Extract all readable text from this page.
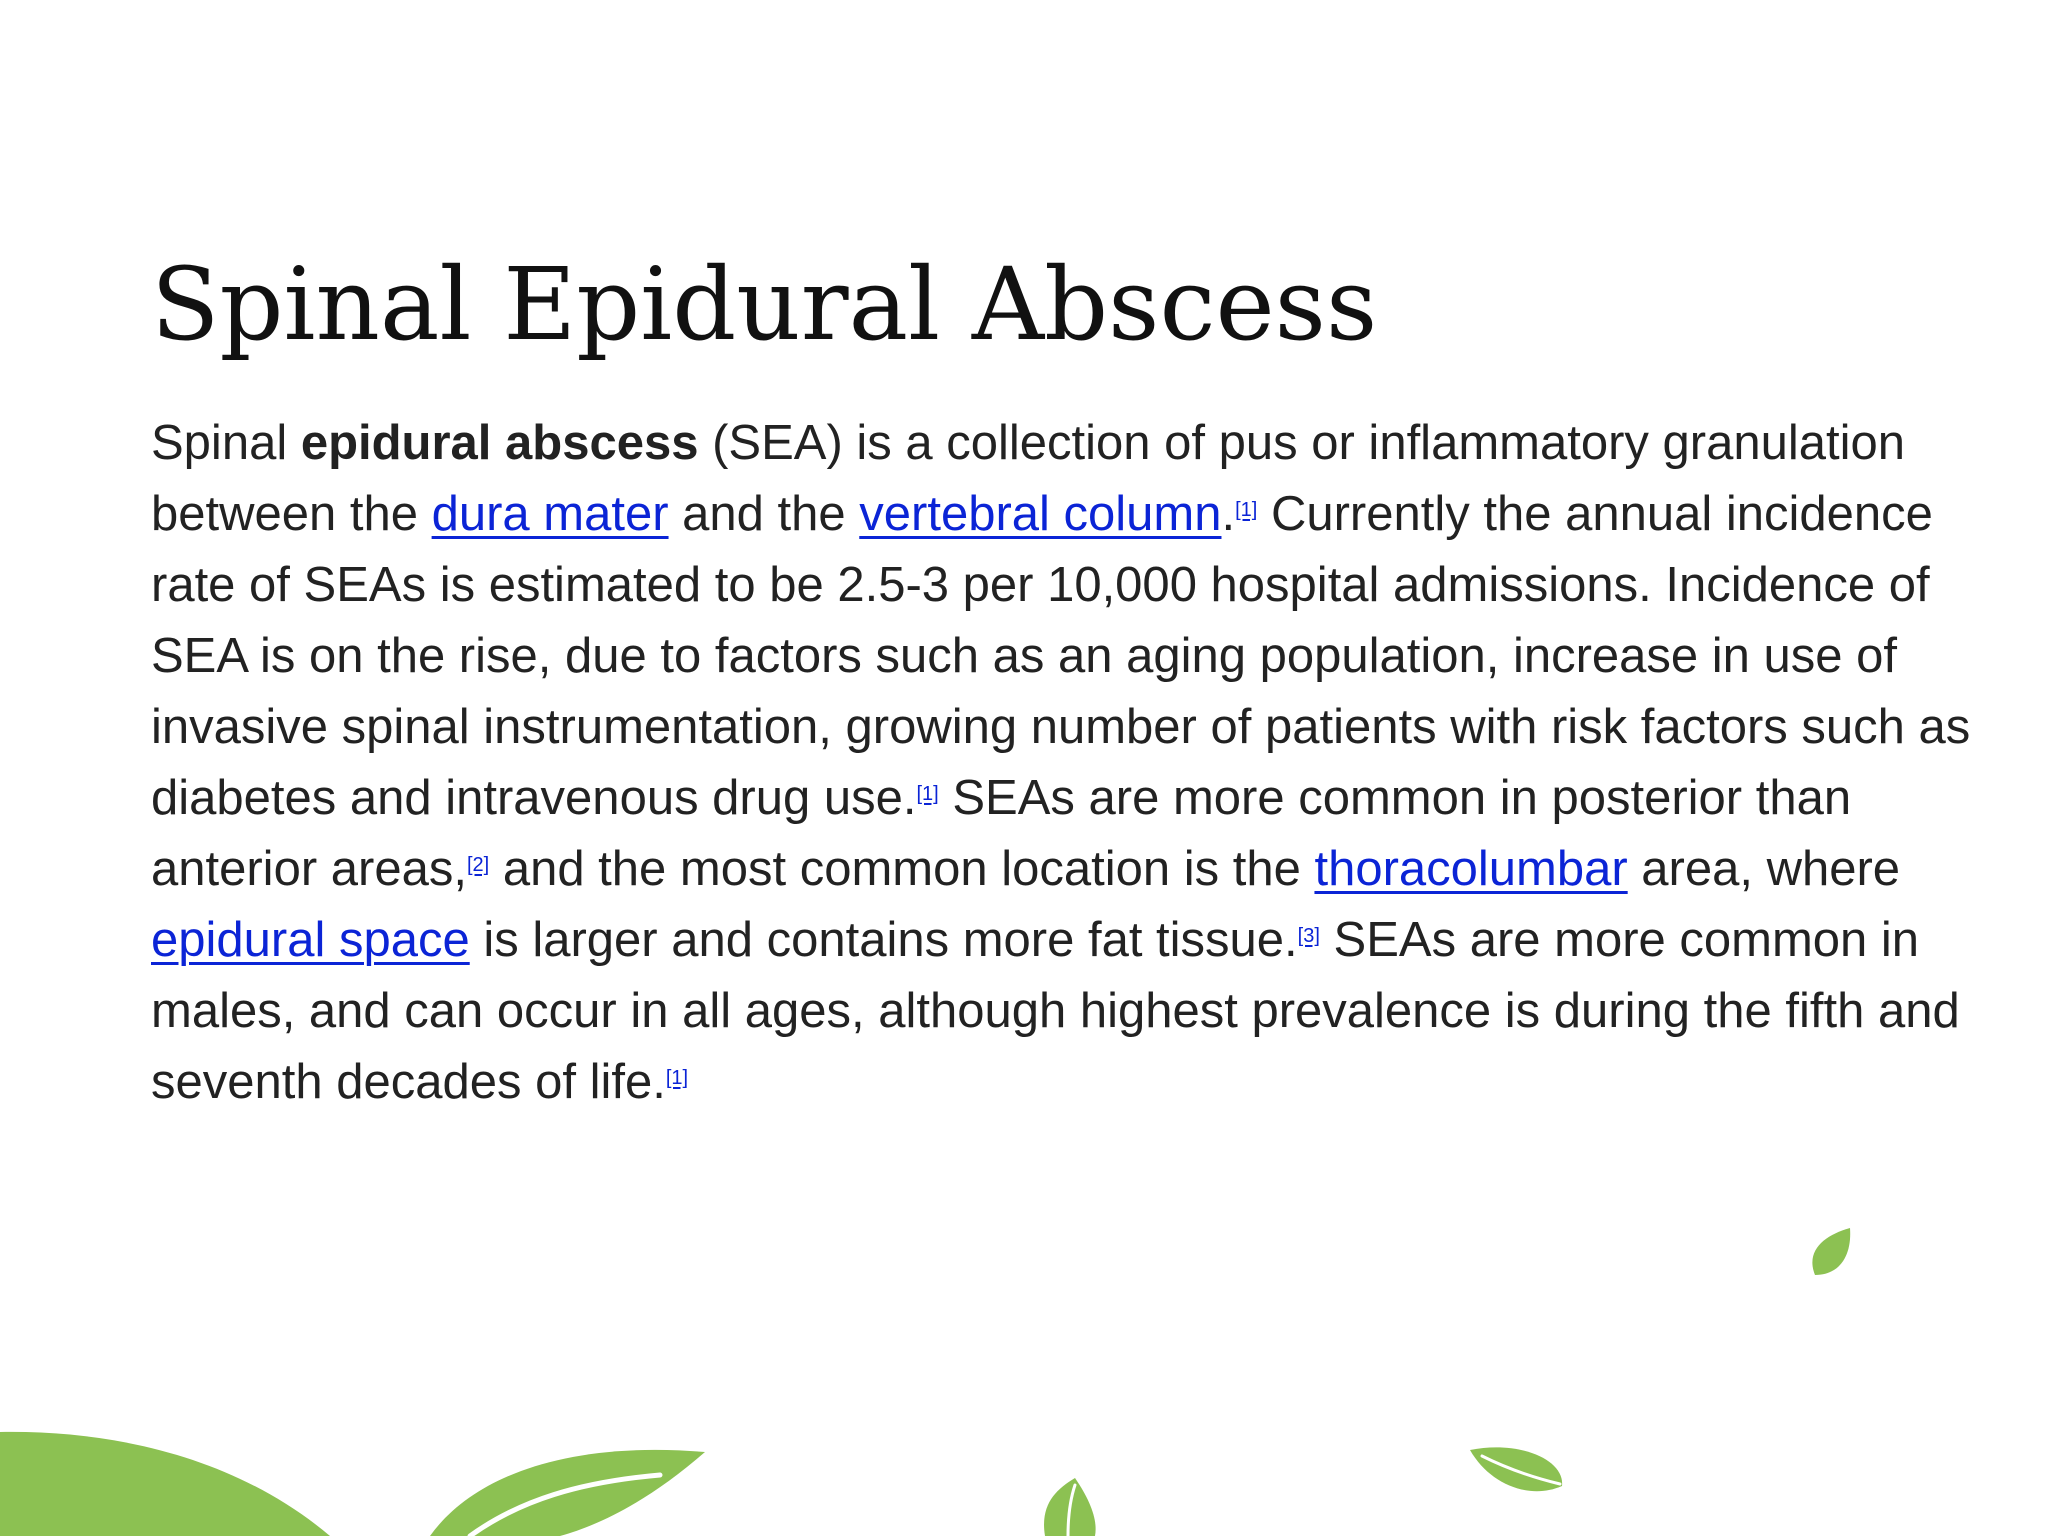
Spinal Epidural Abscess

Spinal epidural abscess (SEA) is a collection of pus or inflammatory granulation between the dura mater and the vertebral column.[1] Currently the annual incidence rate of SEAs is estimated to be 2.5-3 per 10,000 hospital admissions. Incidence of SEA is on the rise, due to factors such as an aging population, increase in use of invasive spinal instrumentation, growing number of patients with risk factors such as diabetes and intravenous drug use.[1] SEAs are more common in posterior than anterior areas,[2] and the most common location is the thoracolumbar area, where epidural space is larger and contains more fat tissue.[3] SEAs are more common in males, and can occur in all ages, although highest prevalence is during the fifth and seventh decades of life.[1]
